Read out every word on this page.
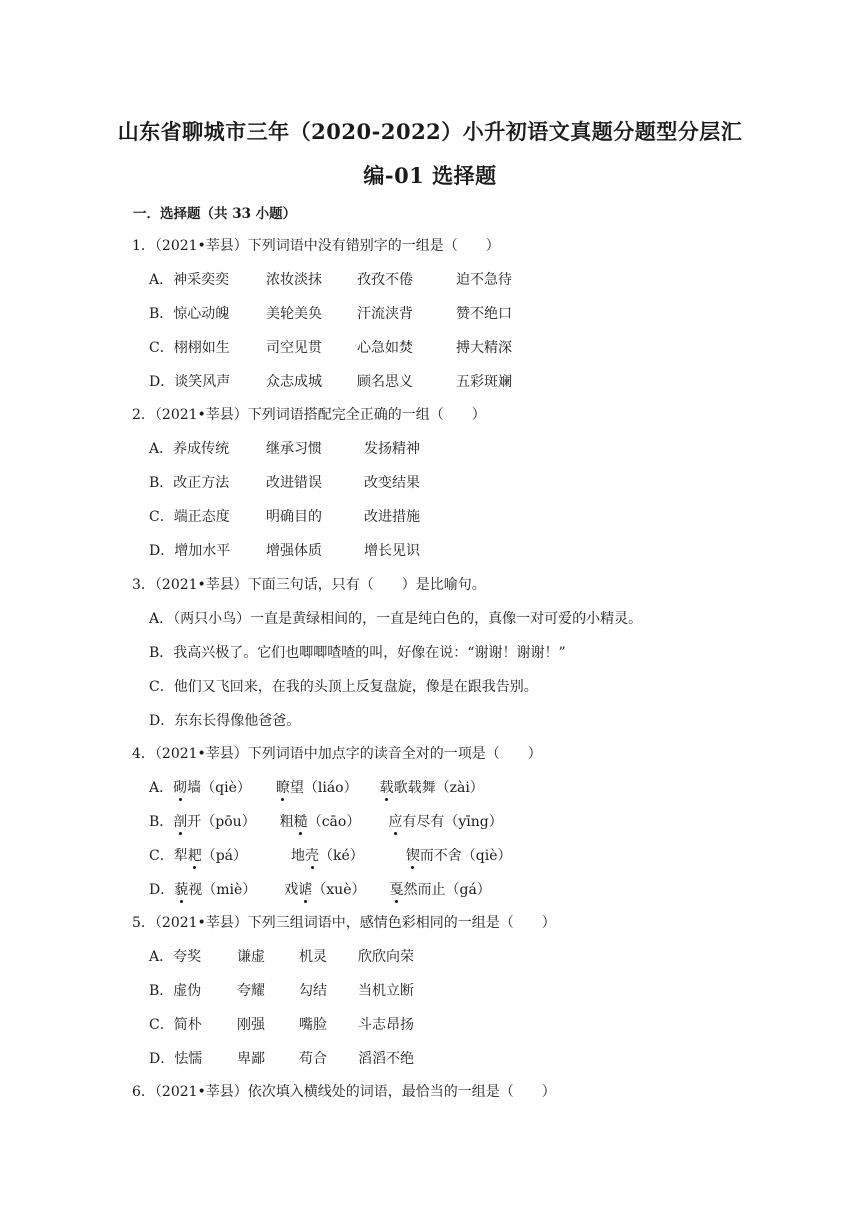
山东省聊城市三年（2020-2022）小升初语文真题分题型分层汇
编-01 选择题
一．选择题（共 33 小题）
1．（2021•莘县）下列词语中没有错别字的一组是（　　）
A．神采奕奕	浓妆淡抹	孜孜不倦	迫不急待
B．惊心动魄	美轮美奂	汗流浃背	赞不绝口
C．栩栩如生	司空见贯	心急如焚	搏大精深
D．谈笑风声	众志成城	顾名思义	五彩斑斓
2．（2021•莘县）下列词语搭配完全正确的一组（　　）
A．养成传统	继承习惯	发扬精神
B．改正方法	改进错误	改变结果
C．端正态度	明确目的	改进措施
D．增加水平	增强体质	增长见识
3．（2021•莘县）下面三句话，只有（　　）是比喻句。
A．（两只小鸟）一直是黄绿相间的，一直是纯白色的，真像一对可爱的小精灵。
B．我高兴极了。它们也唧唧喳喳的叫，好像在说：“谢谢！谢谢！”
C．他们又飞回来，在我的头顶上反复盘旋，像是在跟我告别。
D．东东长得像他爸爸。
4．（2021•莘县）下列词语中加点字的读音全对的一项是（　　）
A．砌墙（qiè） 瞭望（liáo） 载歌载舞（zài）
B．剖开（pōu） 粗糙（cāo） 应有尽有（yīng）
C．犁耙（pá）	地壳（ké）	锲而不舍（qiè）
D．藐视（miè） 戏谑（xuè） 戛然而止（gá）
5．（2021•莘县）下列三组词语中，感情色彩相同的一组是（　　）
A．夸奖	谦虚 机灵 欣欣向荣
B．虚伪	夸耀 勾结 当机立断
C．简朴	刚强 嘴脸 斗志昂扬
D．怯懦 卑鄙 苟合 滔滔不绝
6．（2021•莘县）依次填入横线处的词语，最恰当的一组是（　　）
